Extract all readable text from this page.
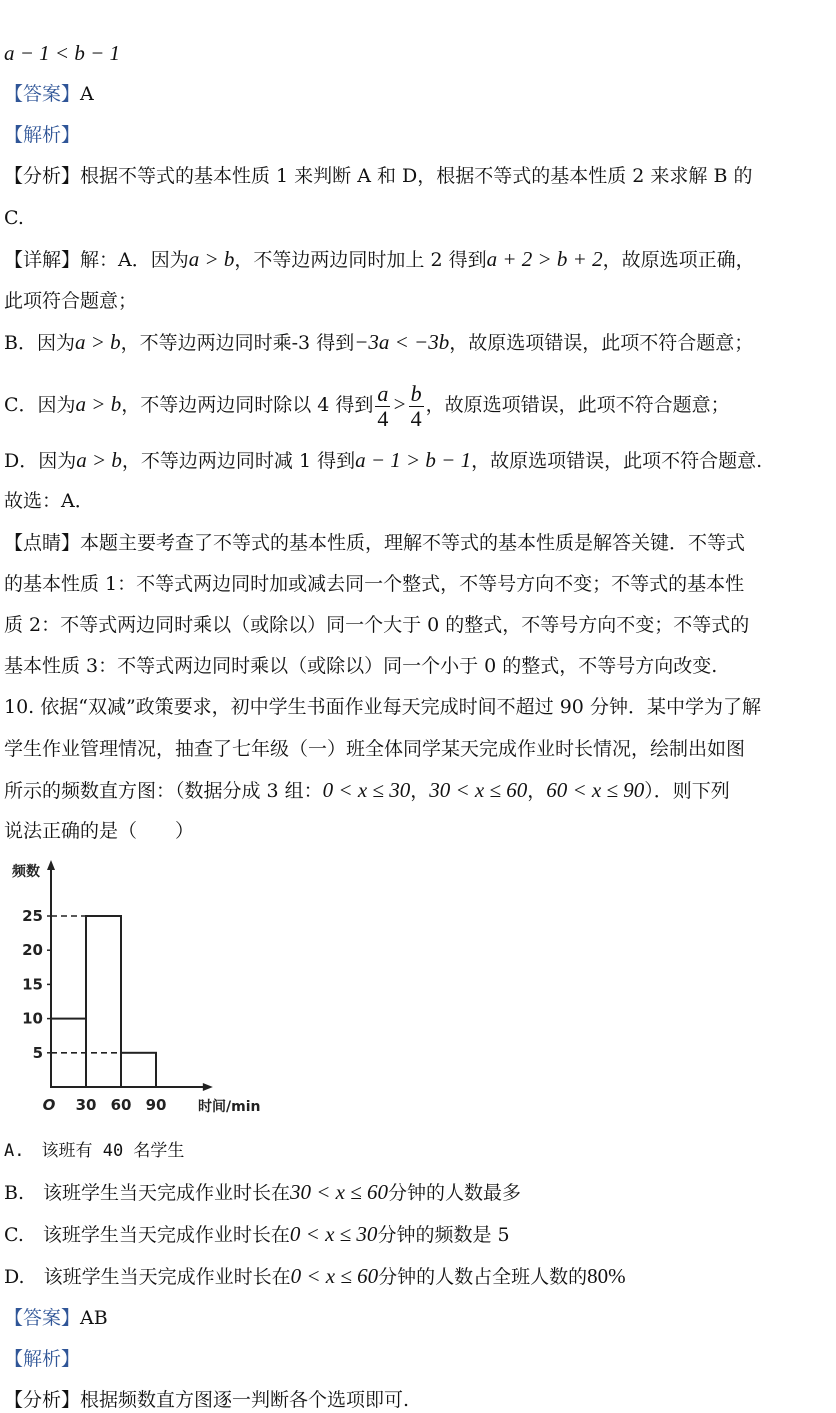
a − 1 < b − 1
【答案】A
【解析】
【分析】根据不等式的基本性质 1 来判断 A 和 D，根据不等式的基本性质 2 来求解 B 的
C.
【详解】解：A．因为a > b，不等边两边同时加上 2 得到a + 2 > b + 2，故原选项正确，
此项符合题意；
B．因为a > b，不等边两边同时乘-3 得到−3a < −3b，故原选项错误，此项不符合题意；
C．因为a > b，不等边两边同时除以 4 得到 $\frac{a}{4} > \frac{b}{4}$ ，故原选项错误，此项不符合题意；
D．因为a > b，不等边两边同时减 1 得到a − 1 > b − 1，故原选项错误，此项不符合题意.
故选：A．
【点睛】本题主要考查了不等式的基本性质，理解不等式的基本性质是解答关键．不等式
的基本性质 1：不等式两边同时加或减去同一个整式，不等号方向不变；不等式的基本性
质 2：不等式两边同时乘以（或除以）同一个大于 0 的整式，不等号方向不变；不等式的
基本性质 3：不等式两边同时乘以（或除以）同一个小于 0 的整式，不等号方向改变.
10. 依据“双减”政策要求，初中学生书面作业每天完成时间不超过 90 分钟．某中学为了解
学生作业管理情况，抽查了七年级（一）班全体同学某天完成作业时长情况，绘制出如图
所示的频数直方图：（数据分成 3 组：0 < x ≤ 30，30 < x ≤ 60，60 < x ≤ 90）．则下列
说法正确的是（　　）
频数
时间/min
5
10
15
20
25
O 30 60 90
A.　该班有 40 名学生
B.　该班学生当天完成作业时长在30 < x ≤ 60分钟的人数最多
C.　该班学生当天完成作业时长在0 < x ≤ 30分钟的频数是 5
D.　该班学生当天完成作业时长在0 < x ≤ 60分钟的人数占全班人数的80%
【答案】AB
【解析】
【分析】根据频数直方图逐一判断各个选项即可.
